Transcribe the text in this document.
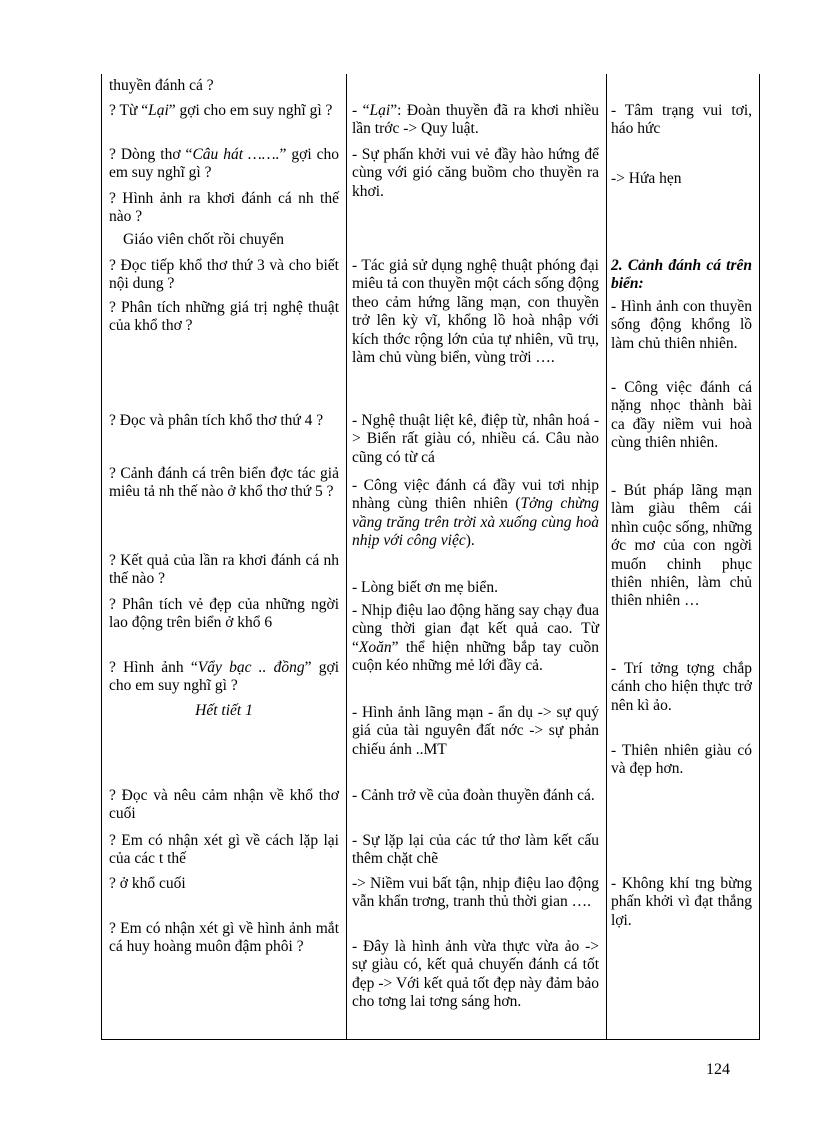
thuyền đánh cá ?

? Từ “Lại” gợi cho em suy nghĩ gì ?

? Dòng thơ “Câu hát …….” gợi cho em suy nghĩ gì ?

? Hình ảnh ra khơi đánh cá nh thế nào ?

Giáo viên chốt rồi chuyển

? Đọc tiếp khổ thơ thứ 3 và cho biết nội dung ?

? Phân tích những giá trị nghệ thuật của khổ thơ ?

? Đọc và phân tích khổ thơ thứ 4 ?

? Cảnh đánh cá trên biển đợc tác giả miêu tả nh thế nào ở khổ thơ thứ 5 ?

? Kết quả của lần ra khơi đánh cá nh thế nào ?

? Phân tích vẻ đẹp của những ngời lao động trên biển ở khổ 6

? Hình ảnh “Vẩy bạc .. đồng” gợi cho em suy nghĩ gì ?

Hết tiết 1

? Đọc và nêu cảm nhận về khổ thơ cuối

? Em có nhận xét gì về cách lặp lại của các t thế

? ở khổ cuối

? Em có nhận xét gì về hình ảnh mắt cá huy hoàng muôn đậm phôi ?

- “Lại”: Đoàn thuyền đã ra khơi nhiều lần trớc -> Quy luật.

- Sự phấn khởi vui vẻ đầy hào hứng để cùng với gió căng buồm cho thuyền ra khơi.

- Tác giả sử dụng nghệ thuật phóng đại miêu tả con thuyền một cách sống động theo cảm hứng lãng mạn, con thuyền trở lên kỳ vĩ, khổng lồ hoà nhập với kích thớc rộng lớn của tự nhiên, vũ trụ, làm chủ vùng biển, vùng trời ….

- Nghệ thuật liệt kê, điệp từ, nhân hoá -> Biển rất giàu có, nhiều cá. Câu nào cũng có từ cá

- Công việc đánh cá đầy vui tơi nhịp nhàng cùng thiên nhiên (Tởng chừng vầng trăng trên trời xà xuống cùng hoà nhịp với công việc).

- Lòng biết ơn mẹ biển.

- Nhịp điệu lao động hăng say chạy đua cùng thời gian đạt kết quả cao. Từ “Xoăn” thể hiện những bắp tay cuồn cuộn kéo những mẻ lới đầy cả.

- Hình ảnh lãng mạn - ẩn dụ -> sự quý giá của tài nguyên đất nớc -> sự phản chiếu ánh ..MT

- Cảnh trở về của đoàn thuyền đánh cá.

- Sự lặp lại của các tứ thơ làm kết cấu thêm chặt chẽ

-> Niềm vui bất tận, nhịp điệu lao động vẫn khẩn trơng, tranh thủ thời gian ….

- Đây là hình ảnh vừa thực vừa ảo -> sự giàu có, kết quả chuyến đánh cá tốt đẹp -> Với kết quả tốt đẹp này đảm bảo cho tơng lai tơng sáng hơn.

- Tâm trạng vui tơi, háo hức

-> Hứa hẹn

2. Cảnh đánh cá trên biển:

- Hình ảnh con thuyền sống động khổng lồ làm chủ thiên nhiên.

- Công việc đánh cá nặng nhọc thành bài ca đầy niềm vui hoà cùng thiên nhiên.

- Bút pháp lãng mạn làm giàu thêm cái nhìn cuộc sống, những ớc mơ của con ngời muốn chinh phục thiên nhiên, làm chủ thiên nhiên …

- Trí tởng tợng chắp cánh cho hiện thực trở nên kì ảo.

- Thiên nhiên giàu có và đẹp hơn.

- Không khí tng bừng phấn khởi vì đạt thắng lợi.

124
